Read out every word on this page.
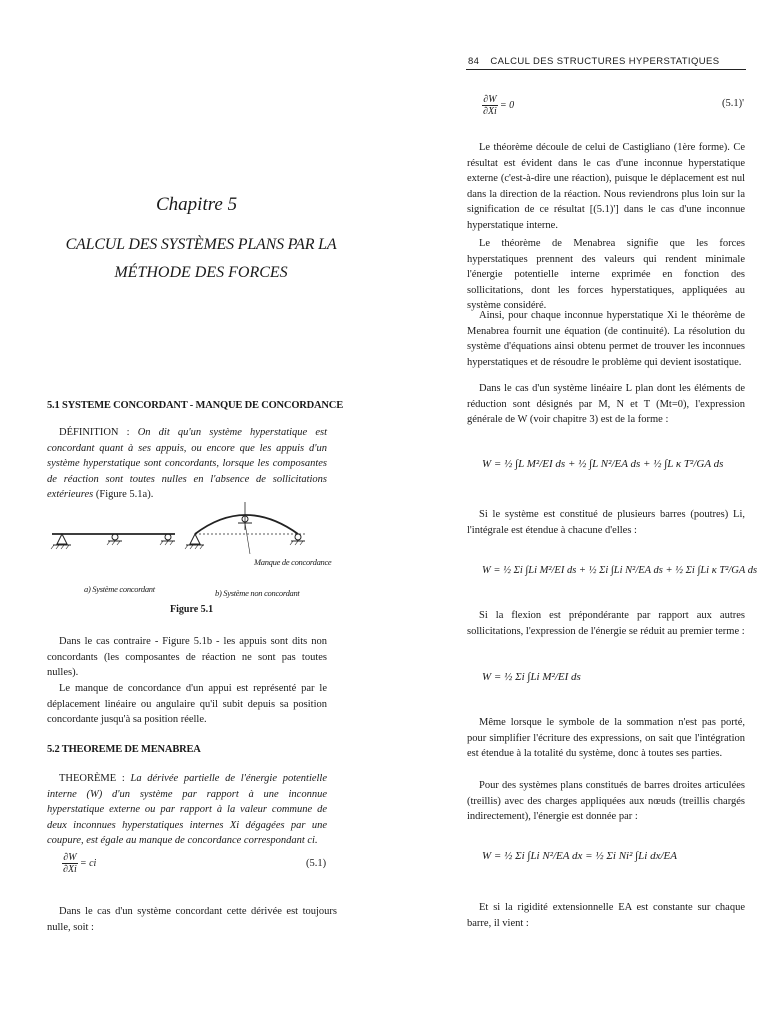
Chapitre 5
CALCUL DES SYSTÈMES PLANS PAR LA
MÉTHODE DES FORCES
5.1 SYSTEME CONCORDANT - MANQUE DE CONCORDANCE
DÉFINITION : On dit qu'un système hyperstatique est concordant quant à ses appuis, ou encore que les appuis d'un système hyperstatique sont concordants, lorsque les composantes de réaction sont toutes nulles en l'absence de sollicitations extérieures (Figure 5.1a).
Manque de concordance
a) Système concordant	b) Système non concordant
Figure 5.1
Dans le cas contraire - Figure 5.1b - les appuis sont dits non concordants (les composantes de réaction ne sont pas toutes nulles).
Le manque de concordance d'un appui est représenté par le déplacement linéaire ou angulaire qu'il subit depuis sa position concordante jusqu'à sa position réelle.
5.2 THEOREME DE MENABREA
THEORÈME : La dérivée partielle de l'énergie potentielle interne (W) d'un système par rapport à une inconnue hyperstatique externe ou par rapport à la valeur commune de deux inconnues hyperstatiques internes Xi dégagées par une coupure, est égale au manque de concordance correspondant ci.
$\frac{\partial W}{\partial Xi}$ = ci	(5.1)
Dans le cas d'un système concordant cette dérivée est toujours nulle, soit :
84 CALCUL DES STRUCTURES HYPERSTATIQUES
$\frac{\partial W}{\partial Xi} = 0$	(5.1)'
Le théorème découle de celui de Castigliano (1ère forme). Ce résultat est évident dans le cas d'une inconnue hyperstatique externe (c'est-à-dire une réaction), puisque le déplacement est nul dans la direction de la réaction. Nous reviendrons plus loin sur la signification de ce résultat [(5.1)'] dans le cas d'une inconnue hyperstatique interne.
Le théorème de Menabrea signifie que les forces hyperstatiques prennent des valeurs qui rendent minimale l'énergie potentielle interne exprimée en fonction des sollicitations, dont les forces hyperstatiques, appliquées au système considéré.
Ainsi, pour chaque inconnue hyperstatique Xi le théorème de Menabrea fournit une équation (de continuité). La résolution du système d'équations ainsi obtenu permet de trouver les inconnues hyperstatiques et de résoudre le problème qui devient isostatique.
Dans le cas d'un système linéaire L plan dont les éléments de réduction sont désignés par M, N et T (Mt=0), l'expression générale de W (voir chapitre 3) est de la forme :
W = ½ ∫L M²/EI ds + ½ ∫L N²/EA ds + ½ ∫L κ T²/GA ds
Si le système est constitué de plusieurs barres (poutres) Li, l'intégrale est étendue à chacune d'elles :
W = ½ Σi ∫Li M²/EI ds + ½ Σi ∫Li N²/EA ds + ½ Σi ∫Li κ T²/GA ds
Si la flexion est prépondérante par rapport aux autres sollicitations, l'expression de l'énergie se réduit au premier terme :
W = ½ Σi ∫Li M²/EI ds
Même lorsque le symbole de la sommation n'est pas porté, pour simplifier l'écriture des expressions, on sait que l'intégration est étendue à la totalité du système, donc à toutes ses parties.
Pour des systèmes plans constitués de barres droites articulées (treillis) avec des charges appliquées aux nœuds (treillis chargés indirectement), l'énergie est donnée par :
W = ½ Σi ∫Li N²/EA dx = ½ Σi Ni² ∫Li dx/EA
Et si la rigidité extensionnelle EA est constante sur chaque barre, il vient :
